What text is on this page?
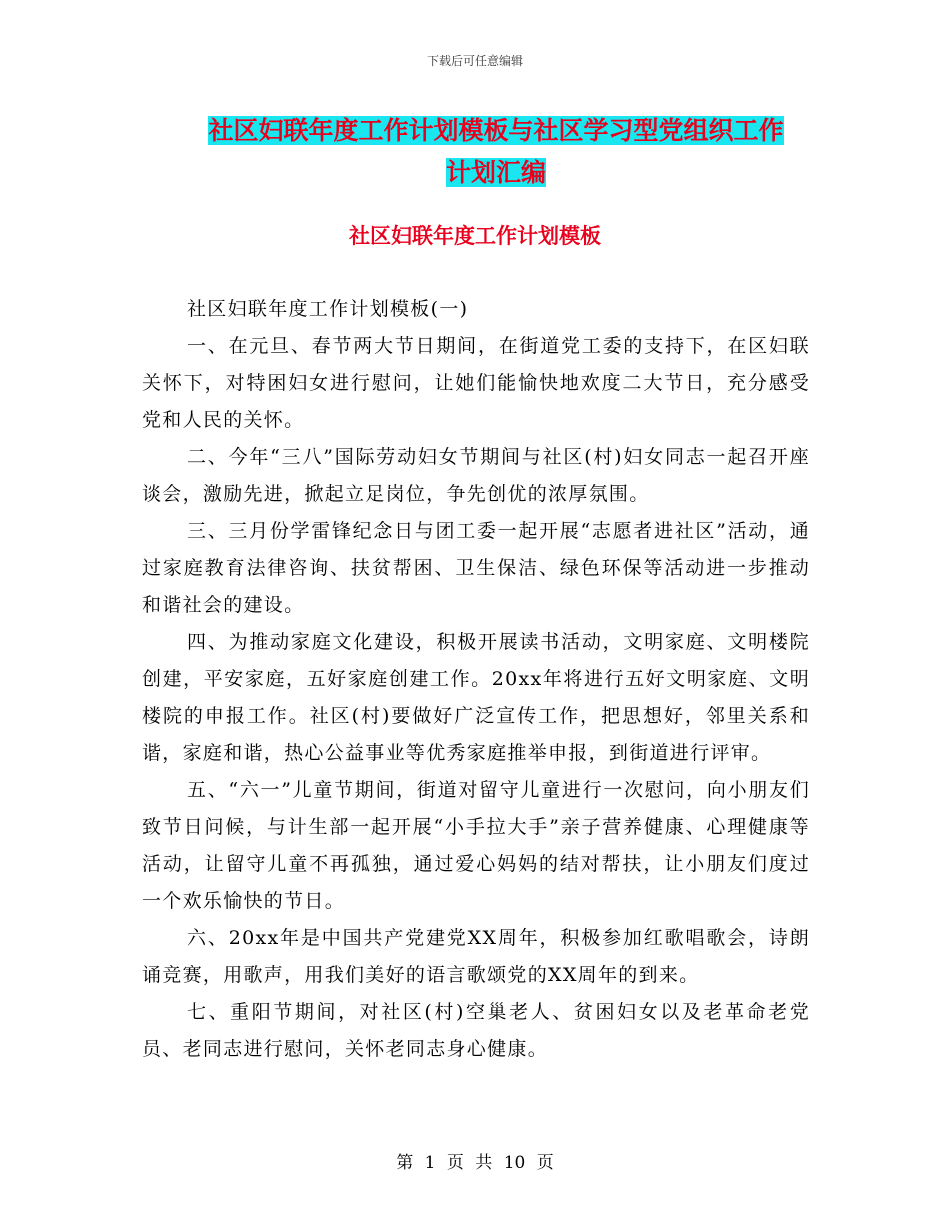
下载后可任意编辑
社区妇联年度工作计划模板与社区学习型党组织工作
计划汇编
社区妇联年度工作计划模板

社区妇联年度工作计划模板(一)

一、在元旦、春节两大节日期间，在街道党工委的支持下，在区妇联关怀下，对特困妇女进行慰问，让她们能愉快地欢度二大节日，充分感受党和人民的关怀。

二、今年“三八”国际劳动妇女节期间与社区(村)妇女同志一起召开座谈会，激励先进，掀起立足岗位，争先创优的浓厚氛围。

三、三月份学雷锋纪念日与团工委一起开展“志愿者进社区”活动，通过家庭教育法律咨询、扶贫帮困、卫生保洁、绿色环保等活动进一步推动和谐社会的建设。

四、为推动家庭文化建设，积极开展读书活动，文明家庭、文明楼院创建，平安家庭，五好家庭创建工作。20xx年将进行五好文明家庭、文明楼院的申报工作。社区(村)要做好广泛宣传工作，把思想好，邻里关系和谐，家庭和谐，热心公益事业等优秀家庭推举申报，到街道进行评审。

五、“六一”儿童节期间，街道对留守儿童进行一次慰问，向小朋友们致节日问候，与计生部一起开展“小手拉大手”亲子营养健康、心理健康等活动，让留守儿童不再孤独，通过爱心妈妈的结对帮扶，让小朋友们度过一个欢乐愉快的节日。

六、20xx年是中国共产党建党XX周年，积极参加红歌唱歌会，诗朗诵竞赛，用歌声，用我们美好的语言歌颂党的XX周年的到来。

七、重阳节期间，对社区(村)空巢老人、贫困妇女以及老革命老党员、老同志进行慰问，关怀老同志身心健康。

第 1 页 共 10 页
